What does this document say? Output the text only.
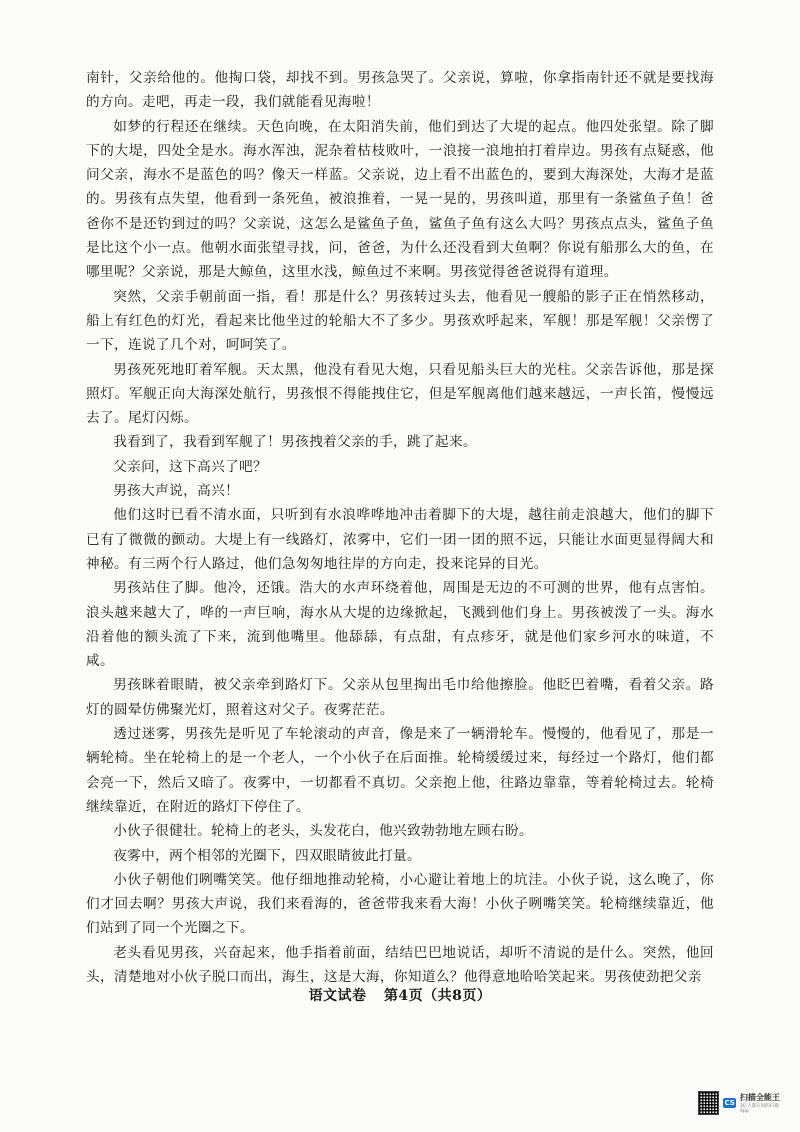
南针，父亲给他的。他掏口袋，却找不到。男孩急哭了。父亲说，算啦，你拿指南针还不就是要找海的方向。走吧，再走一段，我们就能看见海啦！

如梦的行程还在继续。天色向晚，在太阳消失前，他们到达了大堤的起点。他四处张望。除了脚下的大堤，四处全是水。海水浑浊，泥杂着枯枝败叶，一浪接一浪地拍打着岸边。男孩有点疑惑，他问父亲，海水不是蓝色的吗？像天一样蓝。父亲说，边上看不出蓝色的，要到大海深处，大海才是蓝的。男孩有点失望，他看到一条死鱼，被浪推着，一晃一晃的，男孩叫道，那里有一条鲨鱼子鱼！爸爸你不是还钓到过的吗？父亲说，这怎么是鲨鱼子鱼，鲨鱼子鱼有这么大吗？男孩点点头，鲨鱼子鱼是比这个小一点。他朝水面张望寻找，问，爸爸，为什么还没看到大鱼啊？你说有船那么大的鱼，在哪里呢？父亲说，那是大鲸鱼，这里水浅，鲸鱼过不来啊。男孩觉得爸爸说得有道理。

突然，父亲手朝前面一指，看！那是什么？男孩转过头去，他看见一艘船的影子正在悄然移动，船上有红色的灯光，看起来比他坐过的轮船大不了多少。男孩欢呼起来，军舰！那是军舰！父亲愣了一下，连说了几个对，呵呵笑了。

男孩死死地盯着军舰。天太黑，他没有看见大炮，只看见船头巨大的光柱。父亲告诉他，那是探照灯。军舰正向大海深处航行，男孩恨不得能拽住它，但是军舰离他们越来越远，一声长笛，慢慢远去了。尾灯闪烁。

我看到了，我看到军舰了！男孩拽着父亲的手，跳了起来。

父亲问，这下高兴了吧？

男孩大声说，高兴！

他们这时已看不清水面，只听到有水浪哗哗地冲击着脚下的大堤，越往前走浪越大，他们的脚下已有了微微的颤动。大堤上有一线路灯，浓雾中，它们一团一团的照不远，只能让水面更显得阔大和神秘。有三两个行人路过，他们急匆匆地往岸的方向走，投来诧异的目光。

男孩站住了脚。他冷，还饿。浩大的水声环绕着他，周围是无边的不可测的世界，他有点害怕。浪头越来越大了，哗的一声巨响，海水从大堤的边缘掀起，飞溅到他们身上。男孩被泼了一头。海水沿着他的额头流了下来，流到他嘴里。他舔舔，有点甜，有点疹牙，就是他们家乡河水的味道，不咸。

男孩眯着眼睛，被父亲牵到路灯下。父亲从包里掏出毛巾给他擦脸。他眨巴着嘴，看着父亲。路灯的圆晕仿佛聚光灯，照着这对父子。夜雾茫茫。

透过迷雾，男孩先是听见了车轮滚动的声音，像是来了一辆滑轮车。慢慢的，他看见了，那是一辆轮椅。坐在轮椅上的是一个老人，一个小伙子在后面推。轮椅缓缓过来，每经过一个路灯，他们都会亮一下，然后又暗了。夜雾中，一切都看不真切。父亲抱上他，往路边靠靠，等着轮椅过去。轮椅继续靠近，在附近的路灯下停住了。

小伙子很健壮。轮椅上的老头，头发花白，他兴致勃勃地左顾右盼。

夜雾中，两个相邻的光圈下，四双眼睛彼此打量。

小伙子朝他们咧嘴笑笑。他仔细地推动轮椅，小心避让着地上的坑洼。小伙子说，这么晚了，你们才回去啊？男孩大声说，我们来看海的，爸爸带我来看大海！小伙子咧嘴笑笑。轮椅继续靠近，他们站到了同一个光圈之下。

老头看见男孩，兴奋起来，他手指着前面，结结巴巴地说话，却听不清说的是什么。突然，他回头，清楚地对小伙子脱口而出，海生，这是大海，你知道么？他得意地哈哈笑起来。男孩使劲把父亲

语文试卷 第4页（共8页）
CS
扫描全能王
3亿人都在用的扫描App
